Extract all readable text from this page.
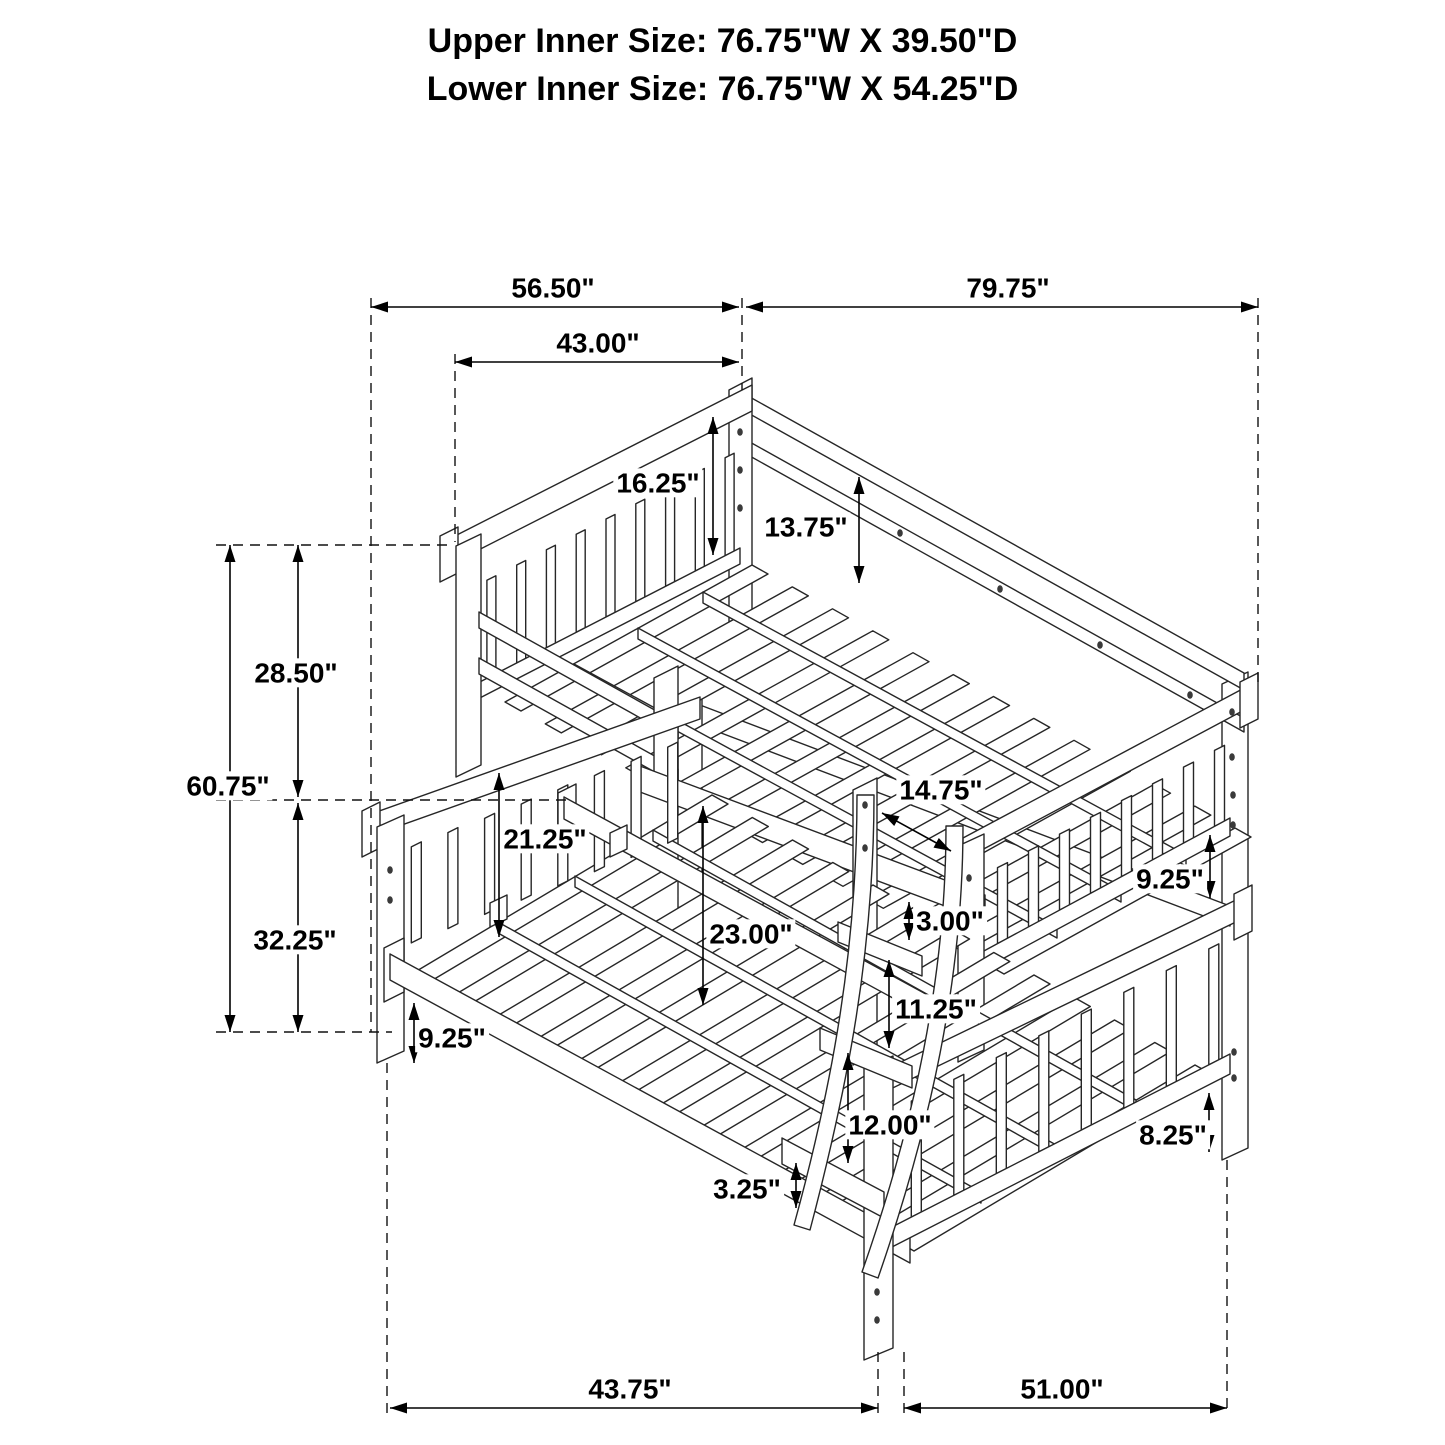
Upper Inner Size: 76.75"W X 39.50"D
Lower Inner Size: 76.75"W X 54.25"D
56.50"	79.75"
43.00"
60.75"
28.50"
32.25"
16.25"
13.75"
14.75"
21.25"
23.00"
9.25"
3.00"
11.25"
12.00"
3.25"
8.25"
9.25"
43.75"	51.00"
